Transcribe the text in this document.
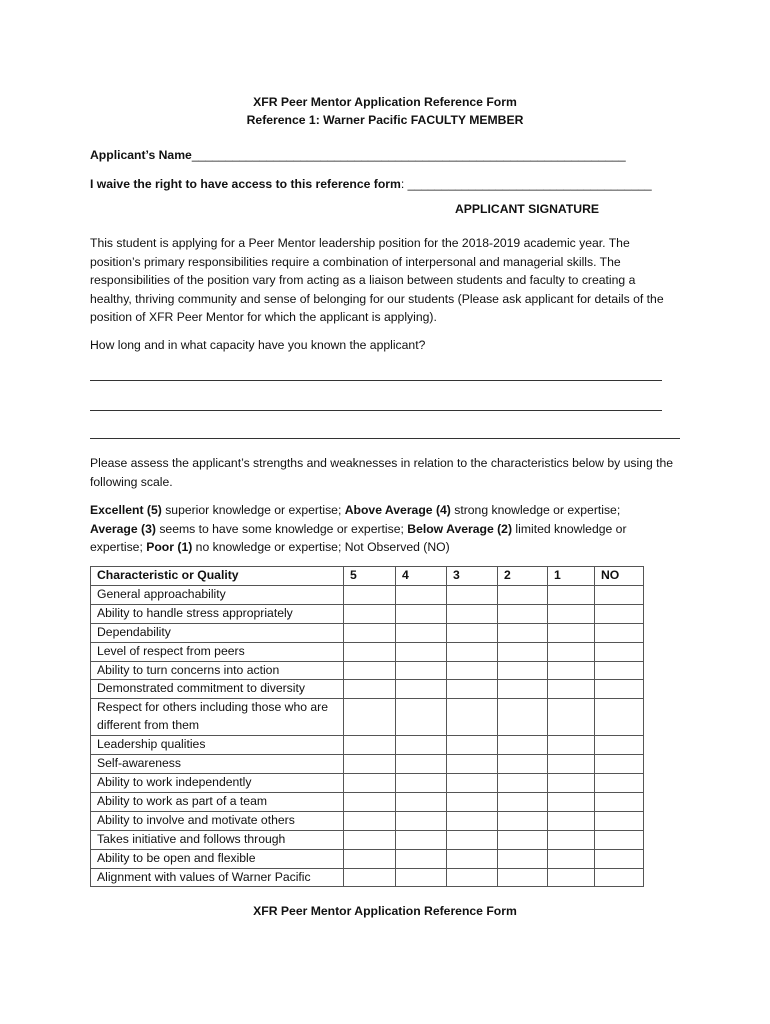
XFR Peer Mentor Application Reference Form
Reference 1: Warner Pacific FACULTY MEMBER
Applicant’s Name________________________________________________________________
I waive the right to have access to this reference form: ____________________________________
APPLICANT SIGNATURE
This student is applying for a Peer Mentor leadership position for the 2018-2019 academic year. The position’s primary responsibilities require a combination of interpersonal and managerial skills. The responsibilities of the position vary from acting as a liaison between students and faculty to creating a healthy, thriving community and sense of belonging for our students (Please ask applicant for details of the position of XFR Peer Mentor for which the applicant is applying).
How long and in what capacity have you known the applicant?
Please assess the applicant’s strengths and weaknesses in relation to the characteristics below by using the following scale.
Excellent (5) superior knowledge or expertise; Above Average (4) strong knowledge or expertise; Average (3) seems to have some knowledge or expertise; Below Average (2) limited knowledge or expertise; Poor (1) no knowledge or expertise; Not Observed (NO)
Characteristic or Quality	5	4	3	2	1	NO
General approachability						
Ability to handle stress appropriately						
Dependability						
Level of respect from peers						
Ability to turn concerns into action						
Demonstrated commitment to diversity						
Respect for others including those who are different from them						
Leadership qualities						
Self-awareness						
Ability to work independently						
Ability to work as part of a team						
Ability to involve and motivate others						
Takes initiative and follows through						
Ability to be open and flexible						
Alignment with values of Warner Pacific						
XFR Peer Mentor Application Reference Form
